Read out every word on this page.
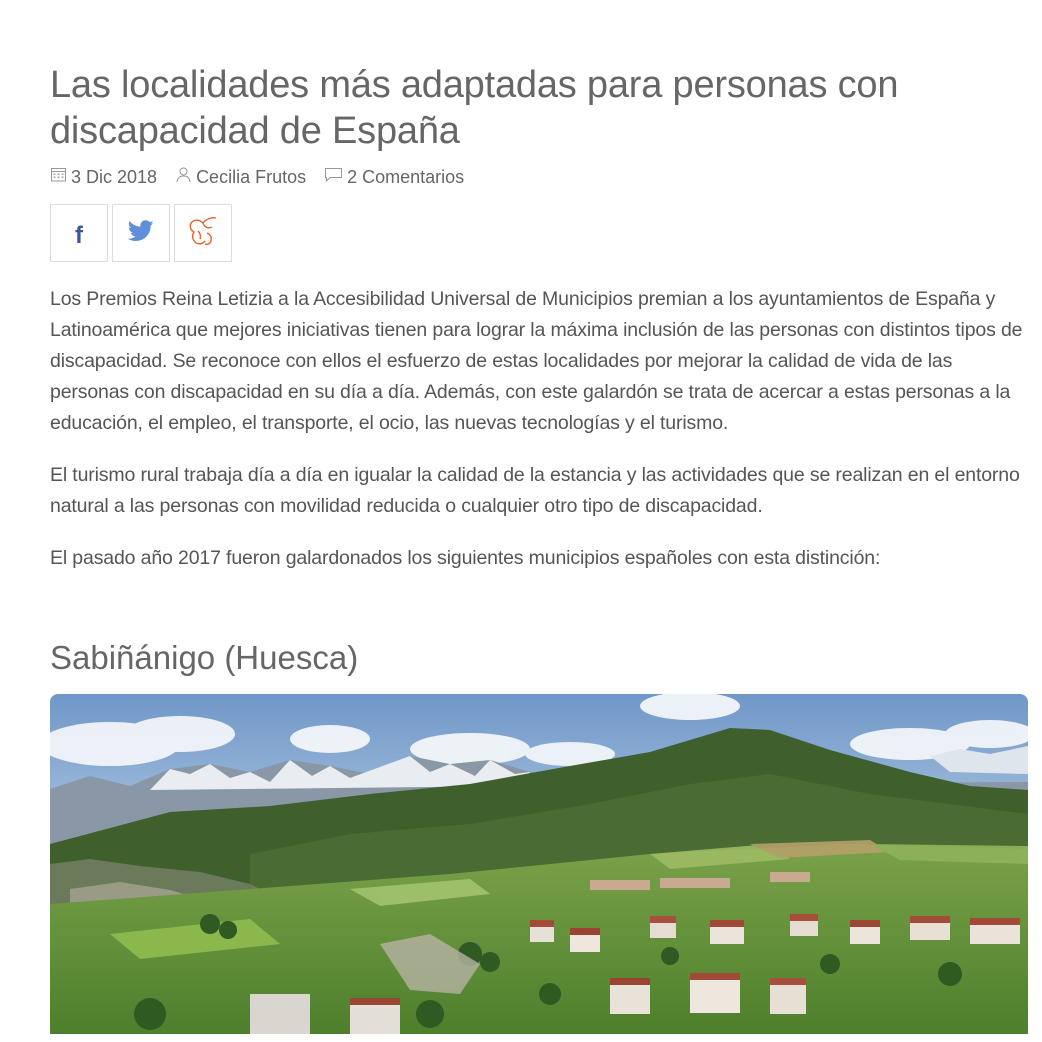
Las localidades más adaptadas para personas con discapacidad de España
3 Dic 2018 Cecilia Frutos 2 Comentarios
f

Los Premios Reina Letizia a la Accesibilidad Universal de Municipios premian a los ayuntamientos de España y Latinoamérica que mejores iniciativas tienen para lograr la máxima inclusión de las personas con distintos tipos de discapacidad. Se reconoce con ellos el esfuerzo de estas localidades por mejorar la calidad de vida de las personas con discapacidad en su día a día. Además, con este galardón se trata de acercar a estas personas a la educación, el empleo, el transporte, el ocio, las nuevas tecnologías y el turismo.

El turismo rural trabaja día a día en igualar la calidad de la estancia y las actividades que se realizan en el entorno natural a las personas con movilidad reducida o cualquier otro tipo de discapacidad.

El pasado año 2017 fueron galardonados los siguientes municipios españoles con esta distinción:

Sabiñánigo (Huesca)
